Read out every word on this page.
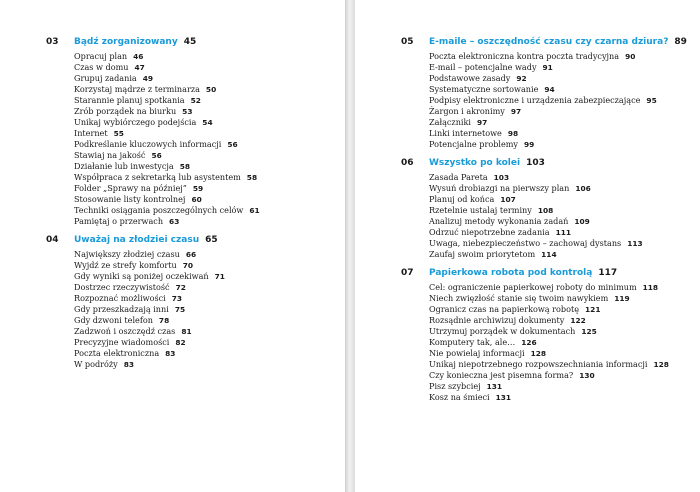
03 Bądź zorganizowany 45
Opracuj plan 46
Czas w domu 47
Grupuj zadania 49
Korzystaj mądrze z terminarza 50
Starannie planuj spotkania 52
Zrób porządek na biurku 53
Unikaj wybiórczego podejścia 54
Internet 55
Podkreślanie kluczowych informacji 56
Stawiaj na jakość 56
Działanie lub inwestycja 58
Współpraca z sekretarką lub asystentem 58
Folder „Sprawy na później” 59
Stosowanie listy kontrolnej 60
Techniki osiągania poszczególnych celów 61
Pamiętaj o przerwach 63
04 Uważaj na złodziei czasu 65
Największy złodziej czasu 66
Wyjdź ze strefy komfortu 70
Gdy wyniki są poniżej oczekiwań 71
Dostrzec rzeczywistość 72
Rozpoznać możliwości 73
Gdy przeszkadzają inni 75
Gdy dzwoni telefon 78
Zadzwoń i oszczędź czas 81
Precyzyjne wiadomości 82
Poczta elektroniczna 83
W podróży 83
05 E-maile – oszczędność czasu czy czarna dziura? 89
Poczta elektroniczna kontra poczta tradycyjna 90
E-mail – potencjalne wady 91
Podstawowe zasady 92
Systematyczne sortowanie 94
Podpisy elektroniczne i urządzenia zabezpieczające 95
Żargon i akronimy 97
Załączniki 97
Linki internetowe 98
Potencjalne problemy 99
06 Wszystko po kolei 103
Zasada Pareta 103
Wysuń drobiazgi na pierwszy plan 106
Planuj od końca 107
Rzetelnie ustalaj terminy 108
Analizuj metody wykonania zadań 109
Odrzuć niepotrzebne zadania 111
Uwaga, niebezpieczeństwo – zachowaj dystans 113
Zaufaj swoim priorytetom 114
07 Papierkowa robota pod kontrolą 117
Cel: ograniczenie papierkowej roboty do minimum 118
Niech zwięzłość stanie się twoim nawykiem 119
Ogranicz czas na papierkową robotę 121
Rozsądnie archiwizuj dokumenty 122
Utrzymuj porządek w dokumentach 125
Komputery tak, ale… 126
Nie powielaj informacji 128
Unikaj niepotrzebnego rozpowszechniania informacji 128
Czy konieczna jest pisemna forma? 130
Pisz szybciej 131
Kosz na śmieci 131
